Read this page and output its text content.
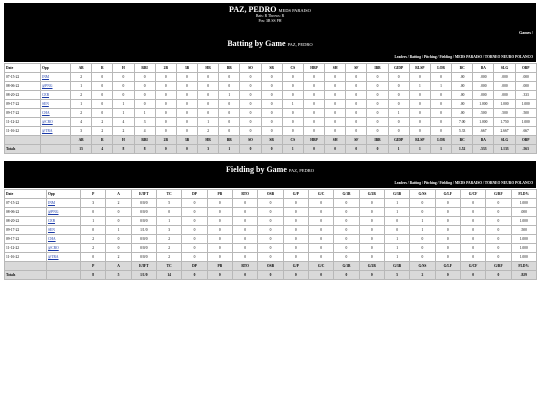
PAZ, PEDRO MEDS PARAISO
Bats: R Throws: R
Pos: 3B SS PH
Games /
Batting by Game PAZ, PEDRO
Leaders / Batting / Pitching / Fielding / MEDS PARAISO / TORNEO NEURO POLANCO
Date	Opp	AB	R	H	RBI	2B	3B	HR	BB	SO	SB	CS	HBP	SH	SF	IBB	GIDP	RLSP	LOB	BC	BA	SLG	OBP
07-15-22	INM	2	0	0	0	0	0	0	0	0	0	0	0	0	0	0	0	0	0	.00	.000	.000	.000
08-06-22	@PNG	1	0	0	0	0	0	0	0	0	0	0	0	0	0	0	0	1	1	.00	.000	.000	.000
08-20-22	CEB	2	0	0	0	0	0	0	1	0	0	0	0	0	0	0	0	0	0	.00	.000	.000	.333
09-17-22	SEN	1	0	1	0	0	0	0	0	0	0	1	0	0	0	0	0	0	0	.00	1.000	1.000	1.000
09-17-22	CHA	2	0	1	1	0	0	0	0	0	0	0	0	0	0	0	1	0	0	.00	.500	.500	.500
11-12-22	@CRO	4	2	4	3	0	0	1	0	0	0	0	0	0	0	0	0	0	0	7.00	1.000	1.750	1.000
11-16-22	@TRA	3	2	2	4	0	0	2	0	0	0	0	0	0	0	0	0	0	0	5.33	.667	2.667	.667
		AB	R	H	RBI	2B	3B	HR	BB	SO	SB	CS	HBP	SH	SF	IBB	GIDP	RLSP	LOB	BC	BA	SLG	OBP
Totals		15	4	8	8	0	0	3	1	0	0	1	0	0	0	0	1	1	1	1.52	.533	1.133	.563
Fielding by Game PAZ, PEDRO
Leaders / Batting / Pitching / Fielding / MEDS PARAISO / TORNEO NEURO POLANCO
Date	Opp	P	A	E/IFT	TC	DP	PB	RTO	OSB	G/P	G/C	G/1B	G/2B	G/3B	G/SS	G/LF	G/CF	G/RF	FLD%
07-15-22	INM	3	2	0/0/0	5	0	0	0	0	0	0	0	0	1	0	0	0	0	1.000
08-06-22	@PNG	0	0	0/0/0	0	0	0	0	0	0	0	0	0	1	0	0	0	0	.000
08-20-22	CEB	1	0	0/0/0	1	0	0	0	0	0	0	0	0	0	1	0	0	0	1.000
09-17-22	SEN	0	1	1/1/0	3	0	0	0	0	0	0	0	0	0	1	0	0	0	.500
09-17-22	CHA	2	0	0/0/0	2	0	0	0	0	0	0	0	0	1	0	0	0	0	1.000
11-12-22	@CRO	2	0	0/0/0	2	0	0	0	0	0	0	0	0	1	0	0	0	0	1.000
11-16-22	@TRA	0	2	0/0/0	2	0	0	0	0	0	0	0	0	1	0	0	0	0	1.000
		P	A	E/IFT	TC	DP	PB	RTO	OSB	G/P	G/C	G/1B	G/2B	G/3B	G/SS	G/LF	G/CF	G/RF	FLD%
Totals		8	5	1/1/0	14	0	0	0	0	0	0	0	0	5	2	0	0	0	.929
